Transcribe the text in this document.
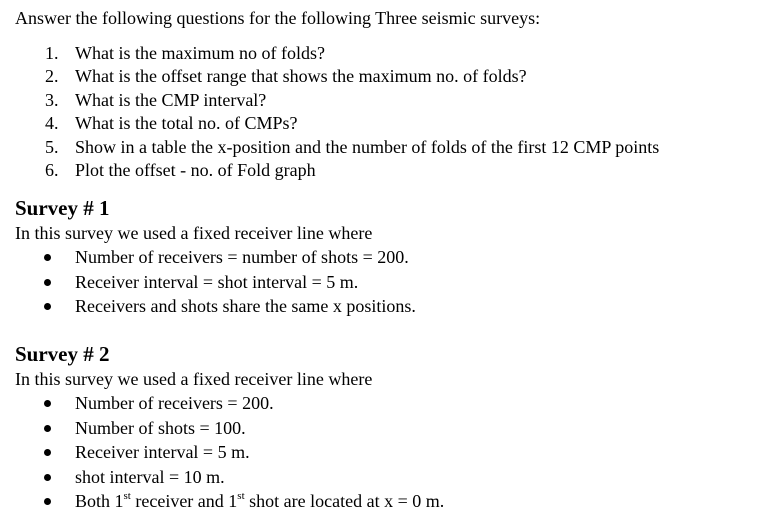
Answer the following questions for the following Three seismic surveys:
1. What is the maximum no of folds?
2. What is the offset range that shows the maximum no. of folds?
3. What is the CMP interval?
4. What is the total no. of CMPs?
5. Show in a table the x-position and the number of folds of the first 12 CMP points
6. Plot the offset - no. of Fold graph
Survey # 1
In this survey we used a fixed receiver line where
Number of receivers = number of shots = 200.
Receiver interval = shot interval = 5 m.
Receivers and shots share the same x positions.
Survey # 2
In this survey we used a fixed receiver line where
Number of receivers = 200.
Number of shots = 100.
Receiver interval = 5 m.
shot interval = 10 m.
Both 1st receiver and 1st shot are located at x = 0 m.
